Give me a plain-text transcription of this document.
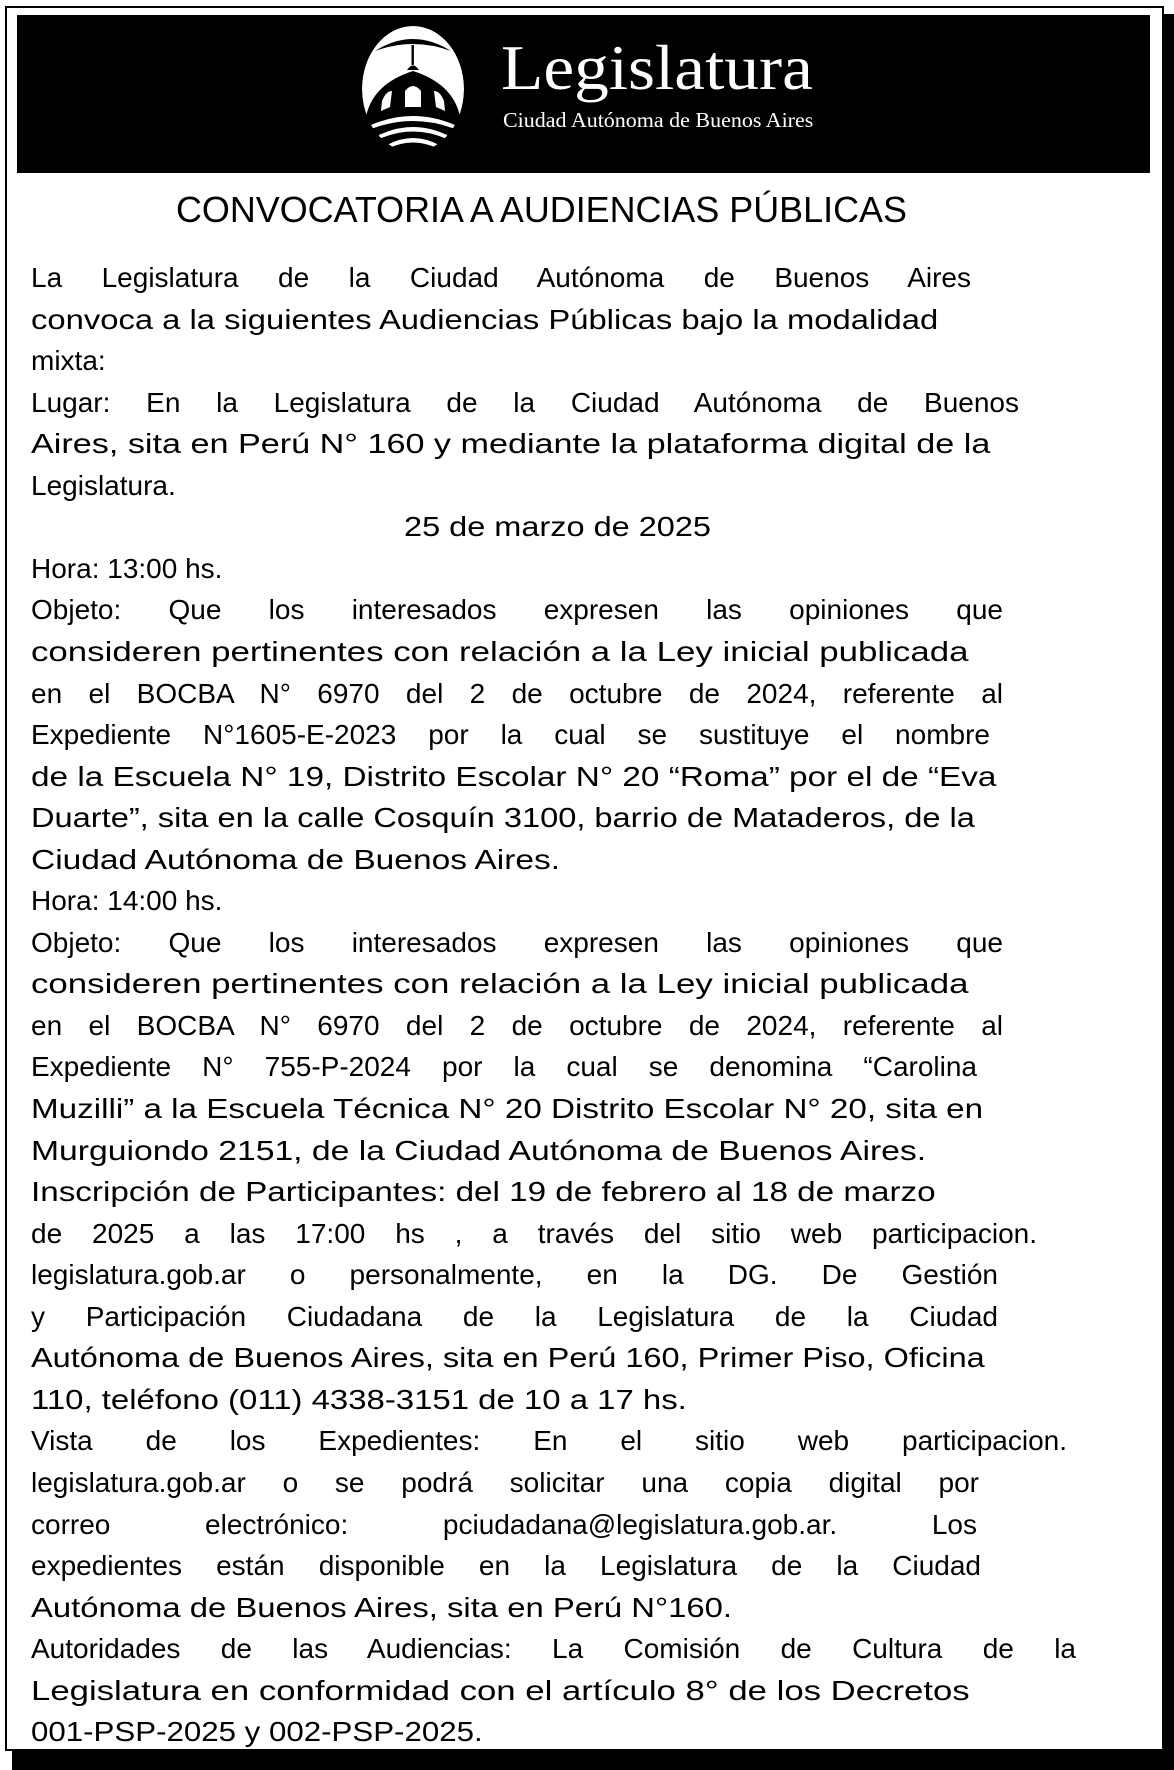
Legislatura
Ciudad Autónoma de Buenos Aires
CONVOCATORIA A AUDIENCIAS PÚBLICAS
La Legislatura de la Ciudad Autónoma de Buenos Aires
convoca a la siguientes Audiencias Públicas bajo la modalidad
mixta:
Lugar: En la Legislatura de la Ciudad Autónoma de Buenos
Aires, sita en Perú N° 160 y mediante la plataforma digital de la
Legislatura.
25 de marzo de 2025
Hora: 13:00 hs.
Objeto: Que los interesados expresen las opiniones que
consideren pertinentes con relación a la Ley inicial publicada
en el BOCBA N° 6970 del 2 de octubre de 2024, referente al
Expediente N°1605-E-2023 por la cual se sustituye el nombre
de la Escuela N° 19, Distrito Escolar N° 20 “Roma” por el de “Eva
Duarte”, sita en la calle Cosquín 3100, barrio de Mataderos, de la
Ciudad Autónoma de Buenos Aires.
Hora: 14:00 hs.
Objeto: Que los interesados expresen las opiniones que
consideren pertinentes con relación a la Ley inicial publicada
en el BOCBA N° 6970 del 2 de octubre de 2024, referente al
Expediente N° 755-P-2024 por la cual se denomina “Carolina
Muzilli” a la Escuela Técnica N° 20 Distrito Escolar N° 20, sita en
Murguiondo 2151, de la Ciudad Autónoma de Buenos Aires.
Inscripción de Participantes: del 19 de febrero al 18 de marzo
de 2025 a las 17:00 hs , a través del sitio web participacion.
legislatura.gob.ar o personalmente, en la DG. De Gestión
y Participación Ciudadana de la Legislatura de la Ciudad
Autónoma de Buenos Aires, sita en Perú 160, Primer Piso, Oficina
110, teléfono (011) 4338-3151 de 10 a 17 hs.
Vista de los Expedientes: En el sitio web participacion.
legislatura.gob.ar o se podrá solicitar una copia digital por
correo electrónico: pciudadana@legislatura.gob.ar. Los
expedientes están disponible en la Legislatura de la Ciudad
Autónoma de Buenos Aires, sita en Perú N°160.
Autoridades de las Audiencias: La Comisión de Cultura de la
Legislatura en conformidad con el artículo 8° de los Decretos
001-PSP-2025 y 002-PSP-2025.
